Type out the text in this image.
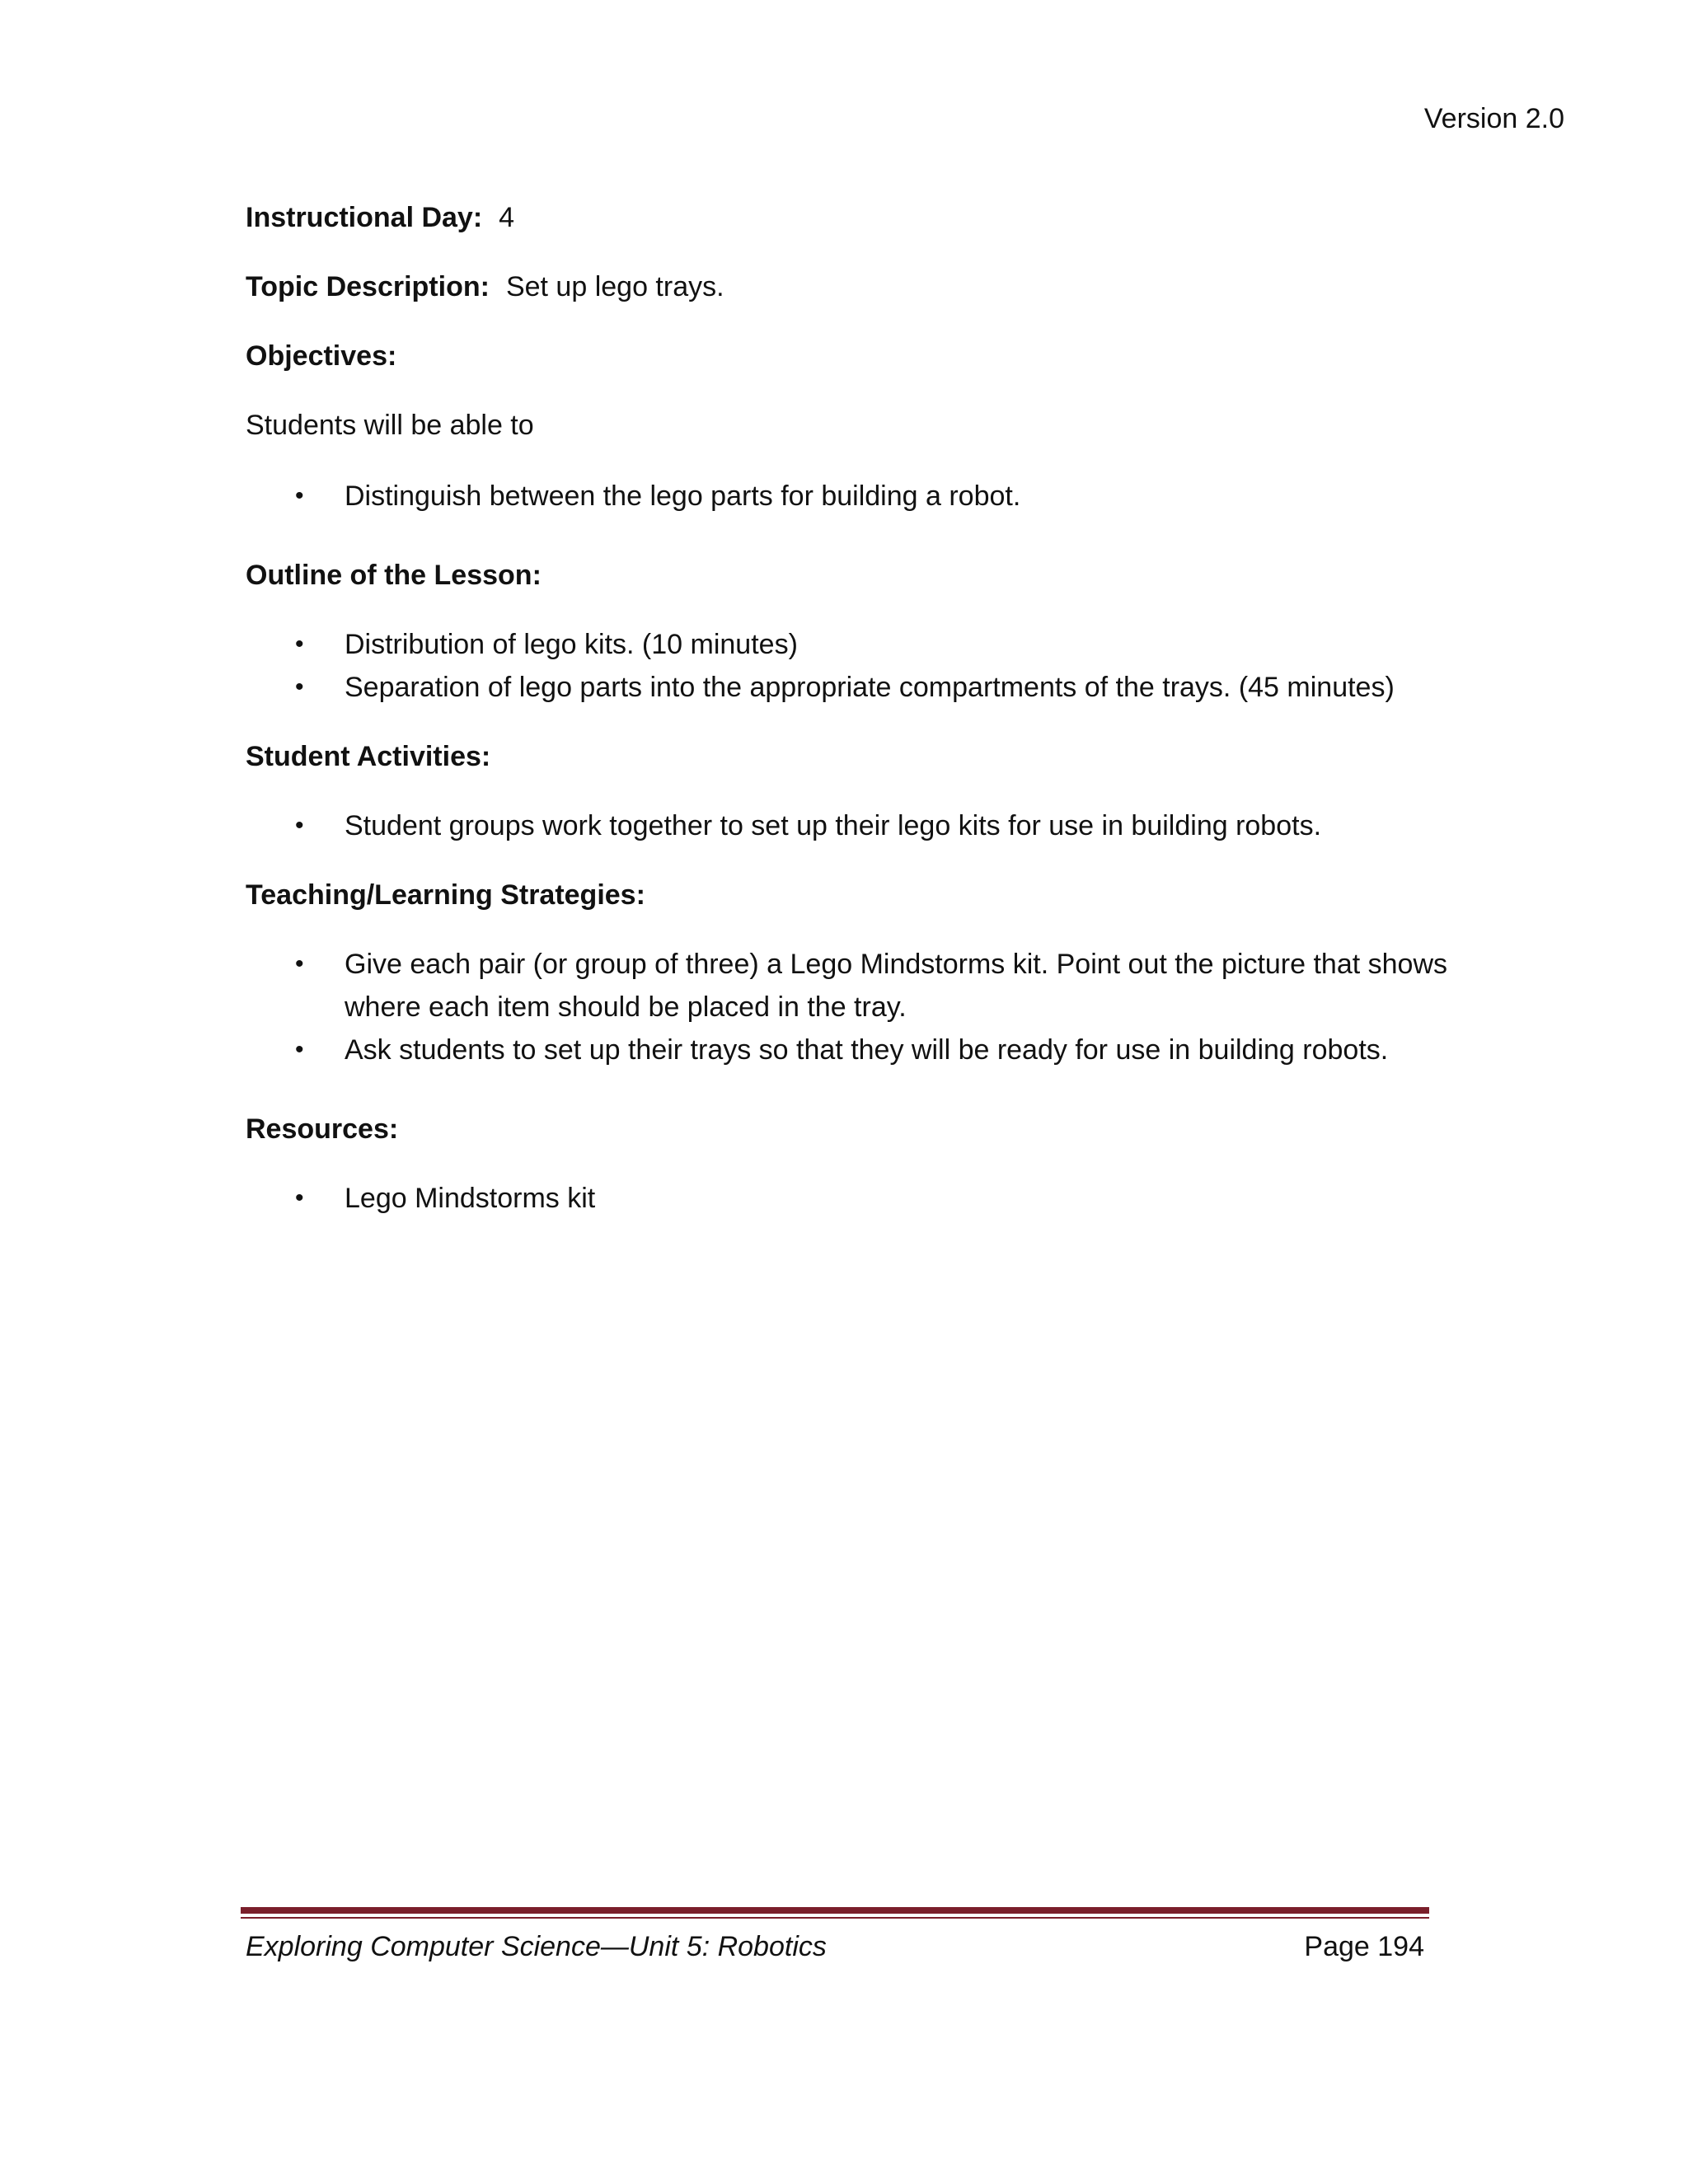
Version 2.0
Instructional Day: 4
Topic Description: Set up lego trays.
Objectives:
Students will be able to
• Distinguish between the lego parts for building a robot.
Outline of the Lesson:
• Distribution of lego kits. (10 minutes)
• Separation of lego parts into the appropriate compartments of the trays. (45 minutes)
Student Activities:
• Student groups work together to set up their lego kits for use in building robots.
Teaching/Learning Strategies:
• Give each pair (or group of three) a Lego Mindstorms kit. Point out the picture that shows where each item should be placed in the tray.
• Ask students to set up their trays so that they will be ready for use in building robots.
Resources:
• Lego Mindstorms kit
Exploring Computer Science—Unit 5: Robotics	Page 194
